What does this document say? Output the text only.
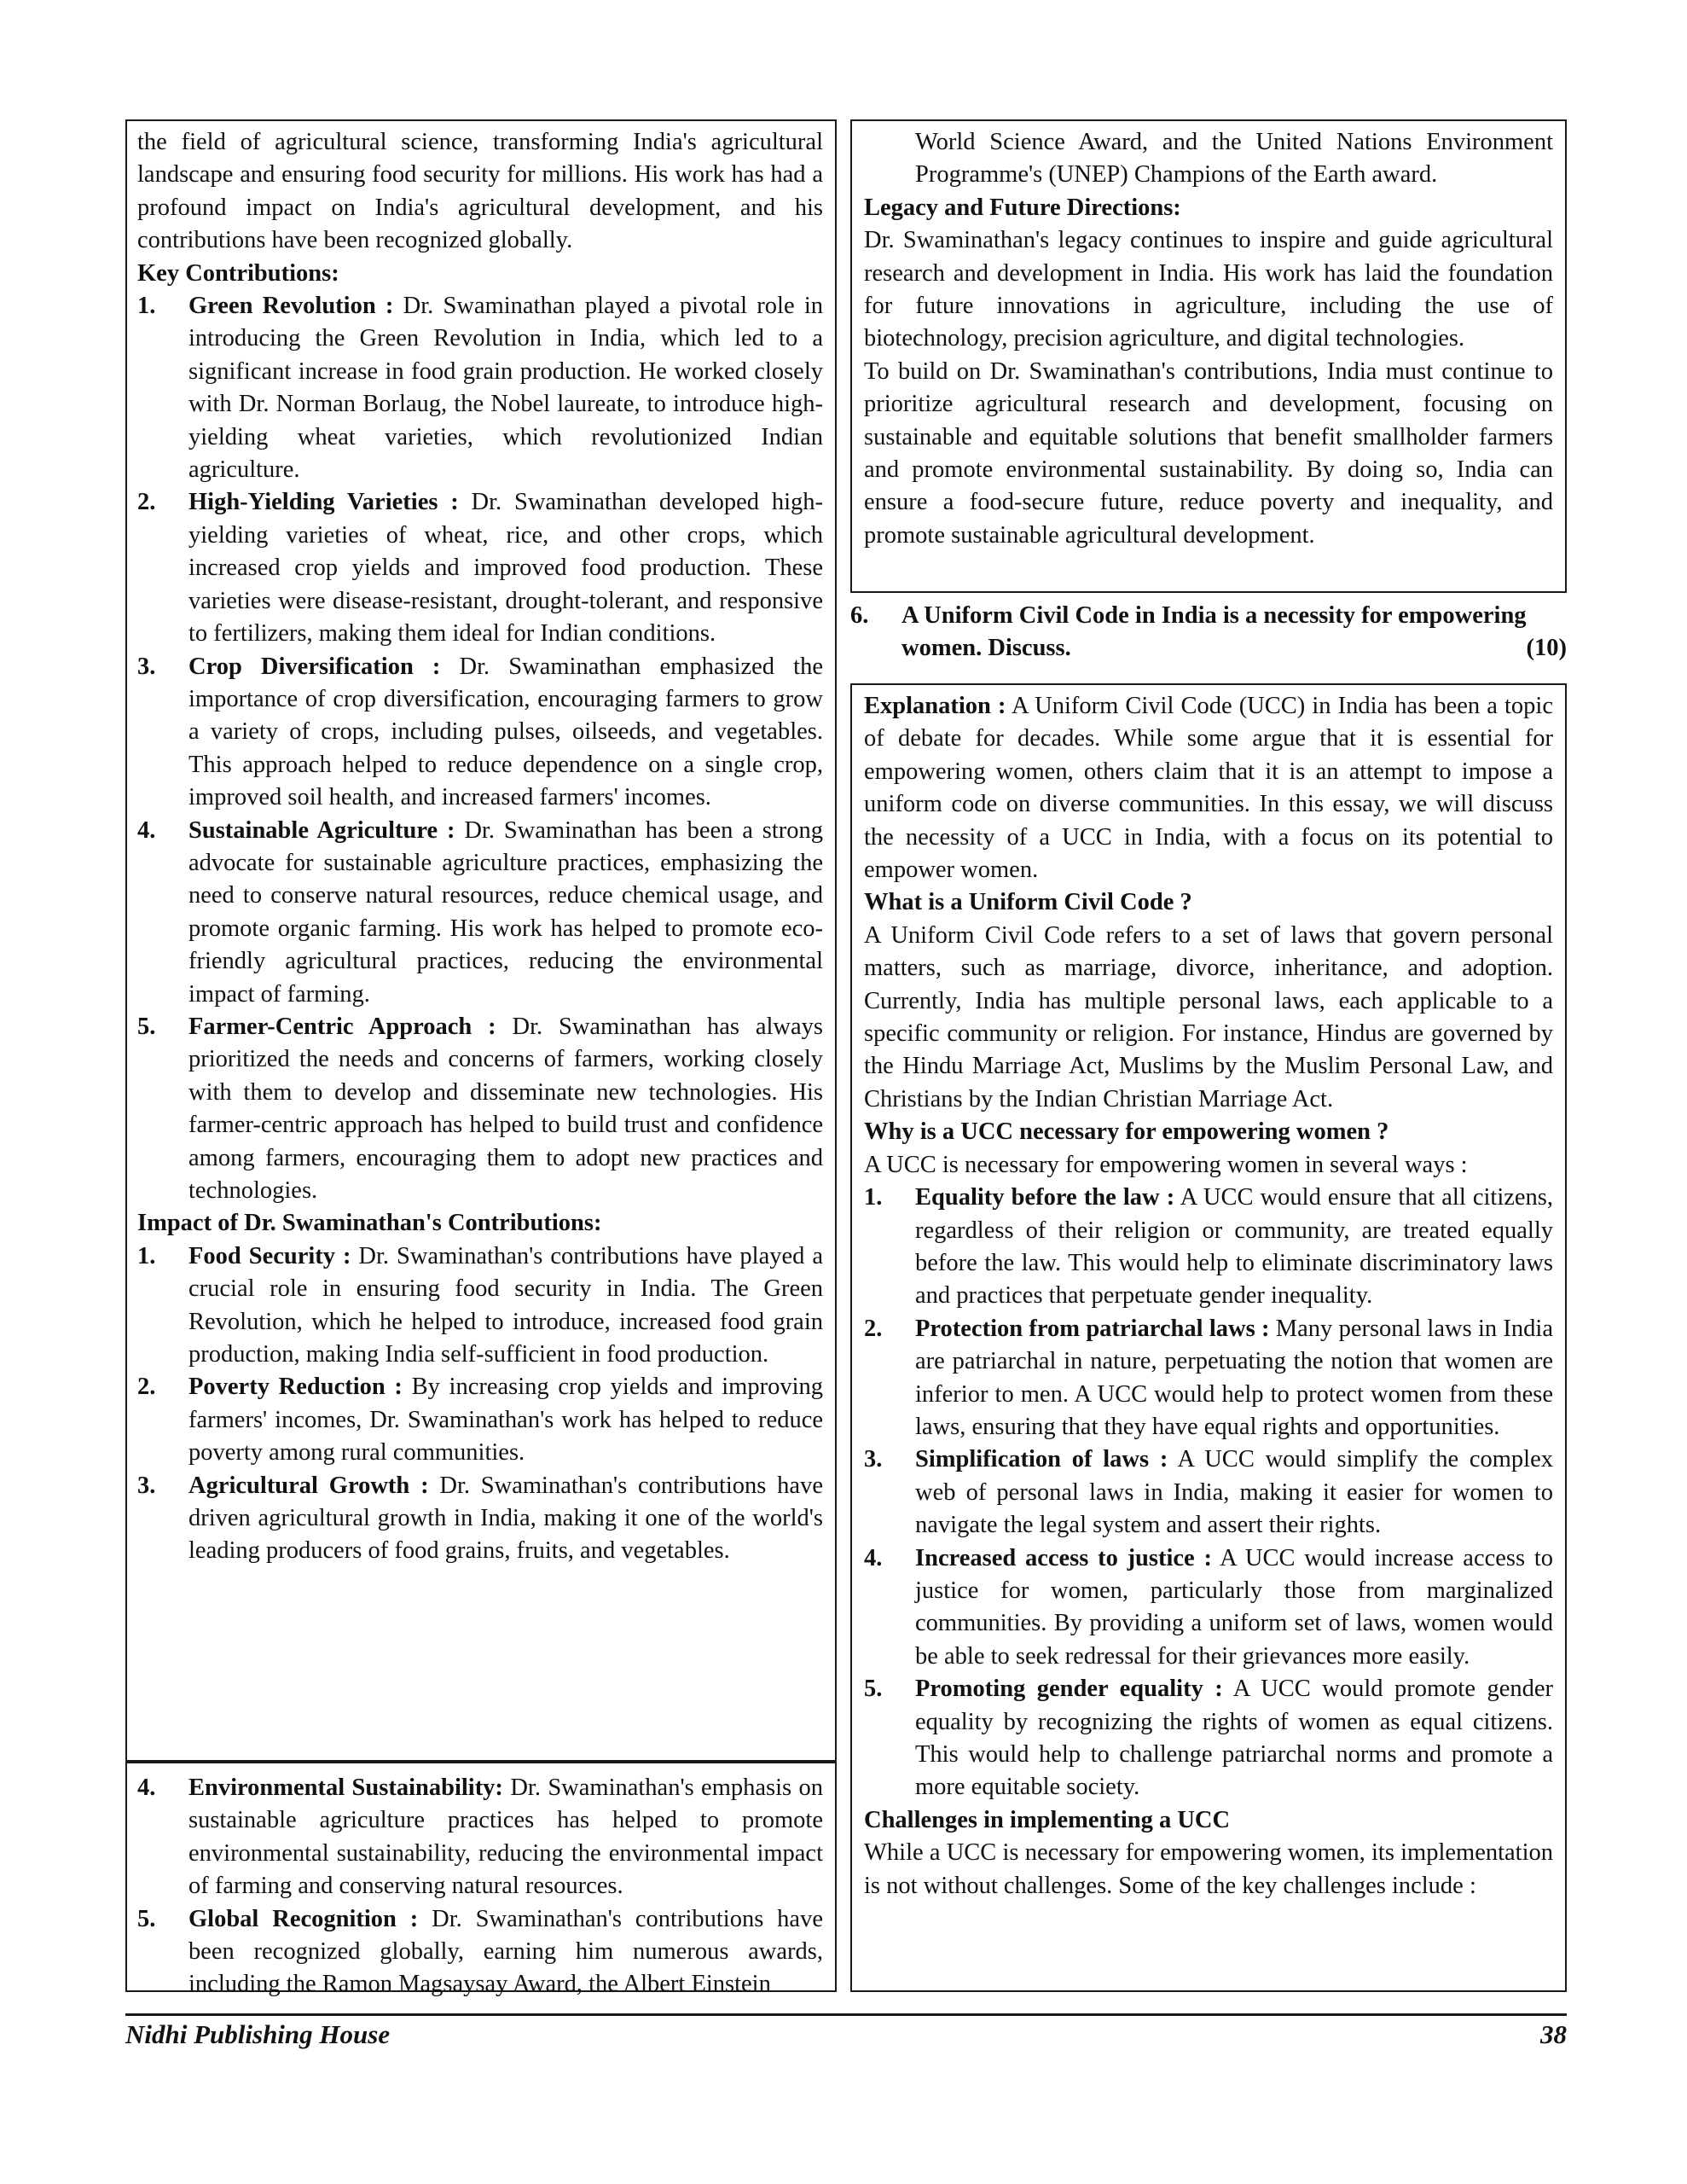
the field of agricultural science, transforming India's agricultural landscape and ensuring food security for millions. His work has had a profound impact on India's agricultural development, and his contributions have been recognized globally.

Key Contributions:

1.	Green Revolution : Dr. Swaminathan played a pivotal role in introducing the Green Revolution in India, which led to a significant increase in food grain production. He worked closely with Dr. Norman Borlaug, the Nobel laureate, to introduce high-yielding wheat varieties, which revolutionized Indian agriculture.
2.	High-Yielding Varieties : Dr. Swaminathan developed high-yielding varieties of wheat, rice, and other crops, which increased crop yields and improved food production. These varieties were disease-resistant, drought-tolerant, and responsive to fertilizers, making them ideal for Indian conditions.
3.	Crop Diversification : Dr. Swaminathan emphasized the importance of crop diversification, encouraging farmers to grow a variety of crops, including pulses, oilseeds, and vegetables. This approach helped to reduce dependence on a single crop, improved soil health, and increased farmers' incomes.
4.	Sustainable Agriculture : Dr. Swaminathan has been a strong advocate for sustainable agriculture practices, emphasizing the need to conserve natural resources, reduce chemical usage, and promote organic farming. His work has helped to promote eco-friendly agricultural practices, reducing the environmental impact of farming.
5.	Farmer-Centric Approach : Dr. Swaminathan has always prioritized the needs and concerns of farmers, working closely with them to develop and disseminate new technologies. His farmer-centric approach has helped to build trust and confidence among farmers, encouraging them to adopt new practices and technologies.

Impact of Dr. Swaminathan's Contributions:

1.	Food Security : Dr. Swaminathan's contributions have played a crucial role in ensuring food security in India. The Green Revolution, which he helped to introduce, increased food grain production, making India self-sufficient in food production.
2.	Poverty Reduction : By increasing crop yields and improving farmers' incomes, Dr. Swaminathan's work has helped to reduce poverty among rural communities.
3.	Agricultural Growth : Dr. Swaminathan's contributions have driven agricultural growth in India, making it one of the world's leading producers of food grains, fruits, and vegetables.
4.	Environmental Sustainability: Dr. Swaminathan's emphasis on sustainable agriculture practices has helped to promote environmental sustainability, reducing the environmental impact of farming and conserving natural resources.
5.	Global Recognition : Dr. Swaminathan's contributions have been recognized globally, earning him numerous awards, including the Ramon Magsaysay Award, the Albert Einstein

World Science Award, and the United Nations Environment Programme's (UNEP) Champions of the Earth award.

Legacy and Future Directions:

Dr. Swaminathan's legacy continues to inspire and guide agricultural research and development in India. His work has laid the foundation for future innovations in agriculture, including the use of biotechnology, precision agriculture, and digital technologies.

To build on Dr. Swaminathan's contributions, India must continue to prioritize agricultural research and development, focusing on sustainable and equitable solutions that benefit smallholder farmers and promote environmental sustainability. By doing so, India can ensure a food-secure future, reduce poverty and inequality, and promote sustainable agricultural development.

6.	A Uniform Civil Code in India is a necessity for empowering
women. Discuss.	(10)

Explanation : A Uniform Civil Code (UCC) in India has been a topic of debate for decades. While some argue that it is essential for empowering women, others claim that it is an attempt to impose a uniform code on diverse communities. In this essay, we will discuss the necessity of a UCC in India, with a focus on its potential to empower women.

What is a Uniform Civil Code ?

A Uniform Civil Code refers to a set of laws that govern personal matters, such as marriage, divorce, inheritance, and adoption. Currently, India has multiple personal laws, each applicable to a specific community or religion. For instance, Hindus are governed by the Hindu Marriage Act, Muslims by the Muslim Personal Law, and Christians by the Indian Christian Marriage Act.

Why is a UCC necessary for empowering women ?

A UCC is necessary for empowering women in several ways :

1.	Equality before the law : A UCC would ensure that all citizens, regardless of their religion or community, are treated equally before the law. This would help to eliminate discriminatory laws and practices that perpetuate gender inequality.
2.	Protection from patriarchal laws : Many personal laws in India are patriarchal in nature, perpetuating the notion that women are inferior to men. A UCC would help to protect women from these laws, ensuring that they have equal rights and opportunities.
3.	Simplification of laws : A UCC would simplify the complex web of personal laws in India, making it easier for women to navigate the legal system and assert their rights.
4.	Increased access to justice : A UCC would increase access to justice for women, particularly those from marginalized communities. By providing a uniform set of laws, women would be able to seek redressal for their grievances more easily.
5.	Promoting gender equality : A UCC would promote gender equality by recognizing the rights of women as equal citizens. This would help to challenge patriarchal norms and promote a more equitable society.

Challenges in implementing a UCC

While a UCC is necessary for empowering women, its implementation is not without challenges. Some of the key challenges include :

Nidhi Publishing House	38
